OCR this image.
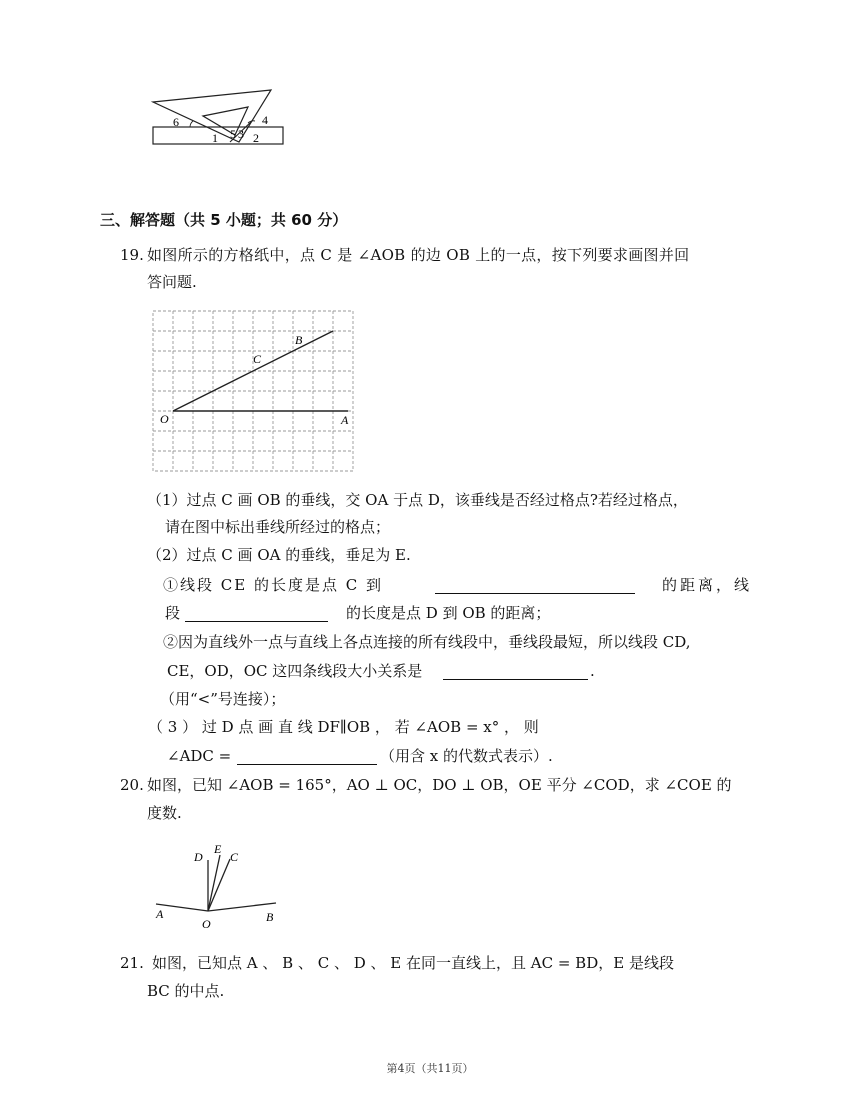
6
1 5 3
4
2
三、解答题（共 5 小题；共 60 分）
19. 如图所示的方格纸中，点 C 是 ∠AOB 的边 OB 上的一点，按下列要求画图并回
答问题.
O	A
B
C
（1）过点 C 画 OB 的垂线，交 OA 于点 D，该垂线是否经过格点?若经过格点，
请在图中标出垂线所经过的格点；
（2）过点 C 画 OA 的垂线，垂足为 E.
①线段 CE 的长度是点 C 到	的距离，线
段	的长度是点 D 到 OB 的距离；
②因为直线外一点与直线上各点连接的所有线段中，垂线段最短，所以线段 CD,
CE，OD，OC 这四条线段大小关系是	.
（用“<”号连接）；
（ 3 ） 过 D 点 画 直 线 DF∥OB ， 若 ∠AOB = x° ， 则
∠ADC =	（用含 x 的代数式表示）.
20. 如图，已知 ∠AOB = 165°，AO ⊥ OC，DO ⊥ OB，OE 平分 ∠COD，求 ∠COE 的
度数.
D
E
C
A
O	B
21. 如图，已知点 A 、 B 、 C 、 D 、 E 在同一直线上，且 AC = BD，E 是线段
BC 的中点.
第4页（共11页）
